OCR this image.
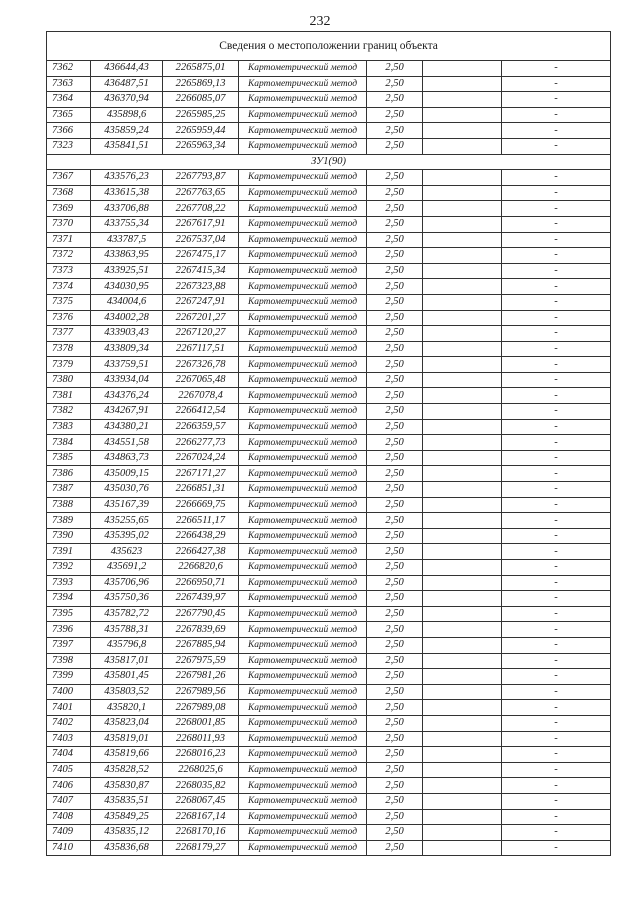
232
Сведения о местоположении границ объекта						
7362	436644,43	2265875,01	Картометрический метод	2,50		-
7363	436487,51	2265869,13	Картометрический метод	2,50		-
7364	436370,94	2266085,07	Картометрический метод	2,50		-
7365	435898,6	2265985,25	Картометрический метод	2,50		-
7366	435859,24	2265959,44	Картометрический метод	2,50		-
7323	435841,51	2265963,34	Картометрический метод	2,50		-
ЗУ1(90)						
7367	433576,23	2267793,87	Картометрический метод	2,50		-
7368	433615,38	2267763,65	Картометрический метод	2,50		-
7369	433706,88	2267708,22	Картометрический метод	2,50		-
7370	433755,34	2267617,91	Картометрический метод	2,50		-
7371	433787,5	2267537,04	Картометрический метод	2,50		-
7372	433863,95	2267475,17	Картометрический метод	2,50		-
7373	433925,51	2267415,34	Картометрический метод	2,50		-
7374	434030,95	2267323,88	Картометрический метод	2,50		-
7375	434004,6	2267247,91	Картометрический метод	2,50		-
7376	434002,28	2267201,27	Картометрический метод	2,50		-
7377	433903,43	2267120,27	Картометрический метод	2,50		-
7378	433809,34	2267117,51	Картометрический метод	2,50		-
7379	433759,51	2267326,78	Картометрический метод	2,50		-
7380	433934,04	2267065,48	Картометрический метод	2,50		-
7381	434376,24	2267078,4	Картометрический метод	2,50		-
7382	434267,91	2266412,54	Картометрический метод	2,50		-
7383	434380,21	2266359,57	Картометрический метод	2,50		-
7384	434551,58	2266277,73	Картометрический метод	2,50		-
7385	434863,73	2267024,24	Картометрический метод	2,50		-
7386	435009,15	2267171,27	Картометрический метод	2,50		-
7387	435030,76	2266851,31	Картометрический метод	2,50		-
7388	435167,39	2266669,75	Картометрический метод	2,50		-
7389	435255,65	2266511,17	Картометрический метод	2,50		-
7390	435395,02	2266438,29	Картометрический метод	2,50		-
7391	435623	2266427,38	Картометрический метод	2,50		-
7392	435691,2	2266820,6	Картометрический метод	2,50		-
7393	435706,96	2266950,71	Картометрический метод	2,50		-
7394	435750,36	2267439,97	Картометрический метод	2,50		-
7395	435782,72	2267790,45	Картометрический метод	2,50		-
7396	435788,31	2267839,69	Картометрический метод	2,50		-
7397	435796,8	2267885,94	Картометрический метод	2,50		-
7398	435817,01	2267975,59	Картометрический метод	2,50		-
7399	435801,45	2267981,26	Картометрический метод	2,50		-
7400	435803,52	2267989,56	Картометрический метод	2,50		-
7401	435820,1	2267989,08	Картометрический метод	2,50		-
7402	435823,04	2268001,85	Картометрический метод	2,50		-
7403	435819,01	2268011,93	Картометрический метод	2,50		-
7404	435819,66	2268016,23	Картометрический метод	2,50		-
7405	435828,52	2268025,6	Картометрический метод	2,50		-
7406	435830,87	2268035,82	Картометрический метод	2,50		-
7407	435835,51	2268067,45	Картометрический метод	2,50		-
7408	435849,25	2268167,14	Картометрический метод	2,50		-
7409	435835,12	2268170,16	Картометрический метод	2,50		-
7410	435836,68	2268179,27	Картометрический метод	2,50		-
